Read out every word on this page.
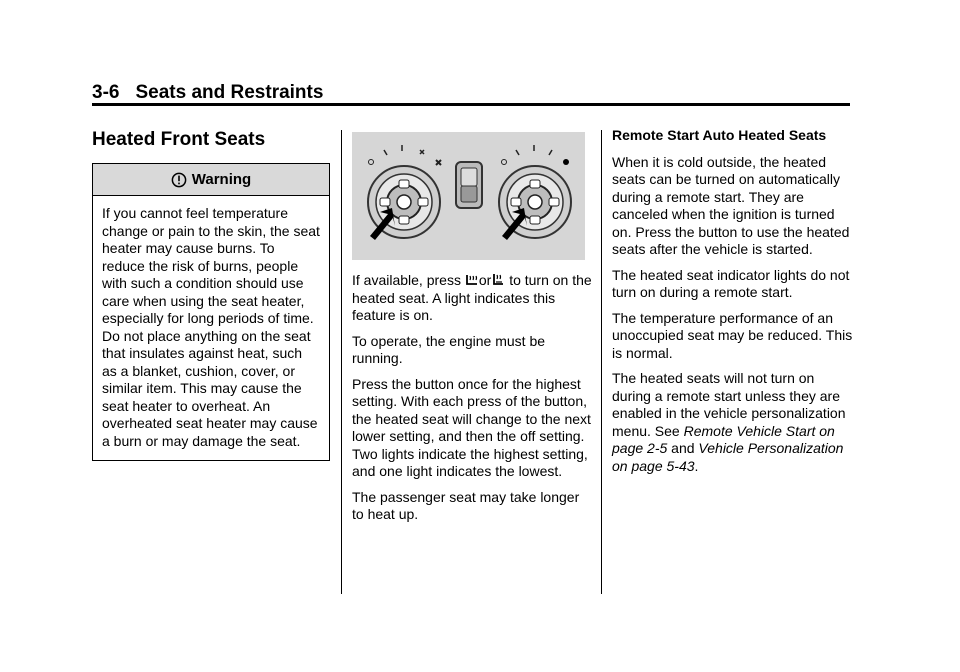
3-6 Seats and Restraints
Heated Front Seats
Warning
If you cannot feel temperature change or pain to the skin, the seat heater may cause burns. To reduce the risk of burns, people with such a condition should use care when using the seat heater, especially for long periods of time. Do not place anything on the seat that insulates against heat, such as a blanket, cushion, cover, or similar item. This may cause the seat heater to overheat. An overheated seat heater may cause a burn or may damage the seat.

If available, press or to turn on the heated seat. A light indicates this feature is on.

To operate, the engine must be running.

Press the button once for the highest setting. With each press of the button, the heated seat will change to the next lower setting, and then the off setting. Two lights indicate the highest setting, and one light indicates the lowest.

The passenger seat may take longer to heat up.

Remote Start Auto Heated Seats

When it is cold outside, the heated seats can be turned on automatically during a remote start. They are canceled when the ignition is turned on. Press the button to use the heated seats after the vehicle is started.

The heated seat indicator lights do not turn on during a remote start.

The temperature performance of an unoccupied seat may be reduced. This is normal.

The heated seats will not turn on during a remote start unless they are enabled in the vehicle personalization menu. See Remote Vehicle Start on page 2-5 and Vehicle Personalization on page 5-43.
